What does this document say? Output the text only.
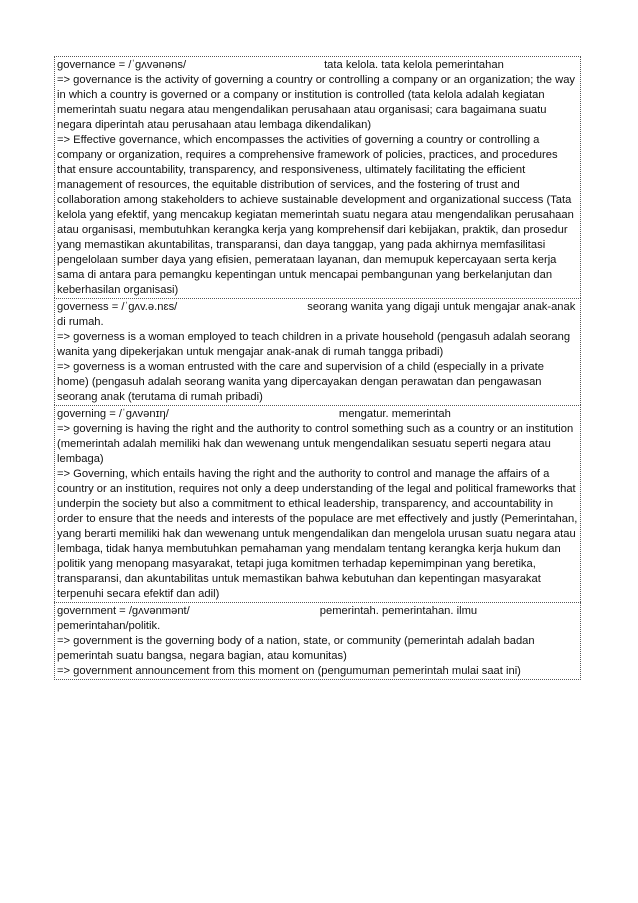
governance = /ˈɡʌvənəns/	tata kelola. tata kelola pemerintahan

=> governance is the activity of governing a country or controlling a company or an organization; the way in which a country is governed or a company or institution is controlled (tata kelola adalah kegiatan memerintah suatu negara atau mengendalikan perusahaan atau organisasi; cara bagaimana suatu negara diperintah atau perusahaan atau lembaga dikendalikan)

=> Effective governance, which encompasses the activities of governing a country or controlling a company or organization, requires a comprehensive framework of policies, practices, and procedures that ensure accountability, transparency, and responsiveness, ultimately facilitating the efficient management of resources, the equitable distribution of services, and the fostering of trust and collaboration among stakeholders to achieve sustainable development and organizational success (Tata kelola yang efektif, yang mencakup kegiatan memerintah suatu negara atau mengendalikan perusahaan atau organisasi, membutuhkan kerangka kerja yang komprehensif dari kebijakan, praktik, dan prosedur yang memastikan akuntabilitas, transparansi, dan daya tanggap, yang pada akhirnya memfasilitasi pengelolaan sumber daya yang efisien, pemerataan layanan, dan memupuk kepercayaan serta kerja sama di antara para pemangku kepentingan untuk mencapai pembangunan yang berkelanjutan dan keberhasilan organisasi)

governess = /ˈɡʌv.ə.nɛs/	seorang wanita yang digaji untuk mengajar anak-anak di rumah.

=> governess is a woman employed to teach children in a private household (pengasuh adalah seorang wanita yang dipekerjakan untuk mengajar anak-anak di rumah tangga pribadi)

=> governess is a woman entrusted with the care and supervision of a child (especially in a private home) (pengasuh adalah seorang wanita yang dipercayakan dengan perawatan dan pengawasan seorang anak (terutama di rumah pribadi)

governing = /ˈɡʌvənɪŋ/	mengatur. memerintah

=> governing is having the right and the authority to control something such as a country or an institution (memerintah adalah memiliki hak dan wewenang untuk mengendalikan sesuatu seperti negara atau lembaga)

=> Governing, which entails having the right and the authority to control and manage the affairs of a country or an institution, requires not only a deep understanding of the legal and political frameworks that underpin the society but also a commitment to ethical leadership, transparency, and accountability in order to ensure that the needs and interests of the populace are met effectively and justly (Pemerintahan, yang berarti memiliki hak dan wewenang untuk mengendalikan dan mengelola urusan suatu negara atau lembaga, tidak hanya membutuhkan pemahaman yang mendalam tentang kerangka kerja hukum dan politik yang menopang masyarakat, tetapi juga komitmen terhadap kepemimpinan yang beretika, transparansi, dan akuntabilitas untuk memastikan bahwa kebutuhan dan kepentingan masyarakat terpenuhi secara efektif dan adil)

government = /ɡʌvənmənt/	pemerintah. pemerintahan. ilmu pemerintahan/politik.

=> government is the governing body of a nation, state, or community (pemerintah adalah badan pemerintah suatu bangsa, negara bagian, atau komunitas)

=> government announcement from this moment on (pengumuman pemerintah mulai saat ini)
